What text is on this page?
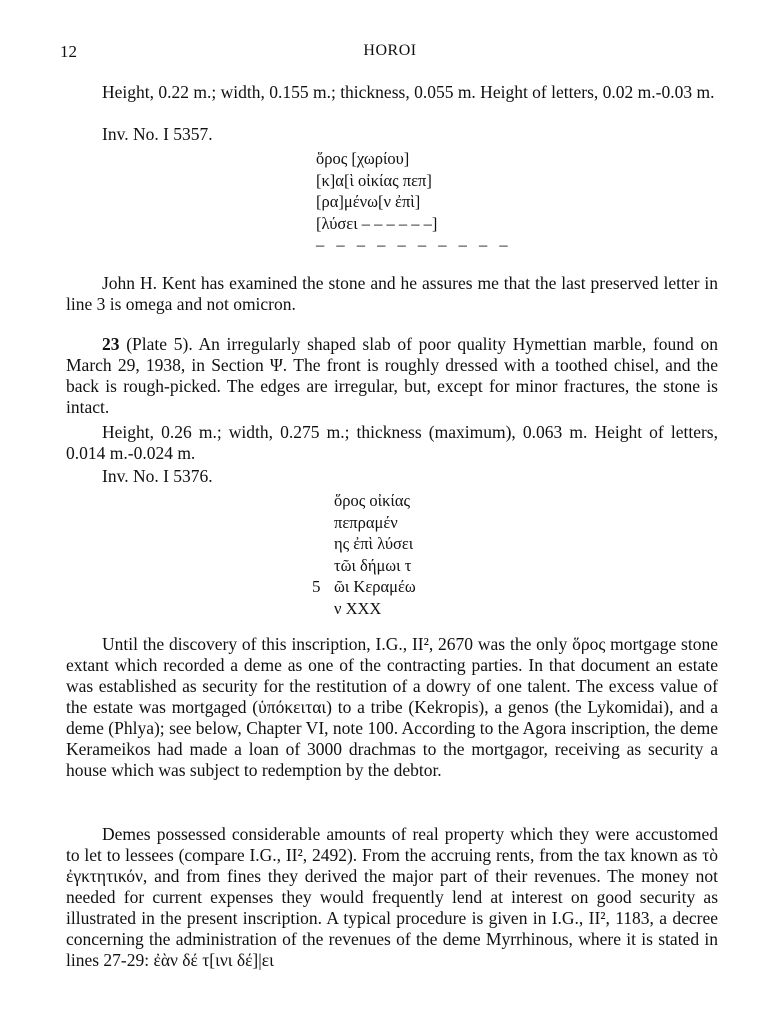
12	HOROI
Height, 0.22 m.; width, 0.155 m.; thickness, 0.055 m. Height of letters, 0.02 m.-0.03 m.
Inv. No. I 5357.
ὅρος [χωρίου]
[κ]α[ὶ οἰκίας πεπ]
[ρα]μένω[ν ἐπὶ]
[λύσει – – – – – –]
– – – – – – – – – –
John H. Kent has examined the stone and he assures me that the last preserved letter in line 3 is omega and not omicron.
23 (Plate 5). An irregularly shaped slab of poor quality Hymettian marble, found on March 29, 1938, in Section Ψ. The front is roughly dressed with a toothed chisel, and the back is rough-picked. The edges are irregular, but, except for minor fractures, the stone is intact.
Height, 0.26 m.; width, 0.275 m.; thickness (maximum), 0.063 m. Height of letters, 0.014 m.-0.024 m.
Inv. No. I 5376.
ὅρος οἰκίας
πεπραμέν
ης ἐπὶ λύσει
τῶι δήμωι τ
ῶι Κεραμέω
ν ΧΧΧ
5
Until the discovery of this inscription, I.G., II², 2670 was the only ὅρος mortgage stone extant which recorded a deme as one of the contracting parties. In that document an estate was established as security for the restitution of a dowry of one talent. The excess value of the estate was mortgaged (ὑπόκειται) to a tribe (Kekropis), a genos (the Lykomidai), and a deme (Phlya); see below, Chapter VI, note 100. According to the Agora inscription, the deme Kerameikos had made a loan of 3000 drachmas to the mortgagor, receiving as security a house which was subject to redemption by the debtor.
Demes possessed considerable amounts of real property which they were accustomed to let to lessees (compare I.G., II², 2492). From the accruing rents, from the tax known as τὸ ἐγκτητικόν, and from fines they derived the major part of their revenues. The money not needed for current expenses they would frequently lend at interest on good security as illustrated in the present inscription. A typical procedure is given in I.G., II², 1183, a decree concerning the administration of the revenues of the deme Myrrhinous, where it is stated in lines 27-29: ἐὰν δέ τ[ινι δέ]|ει
